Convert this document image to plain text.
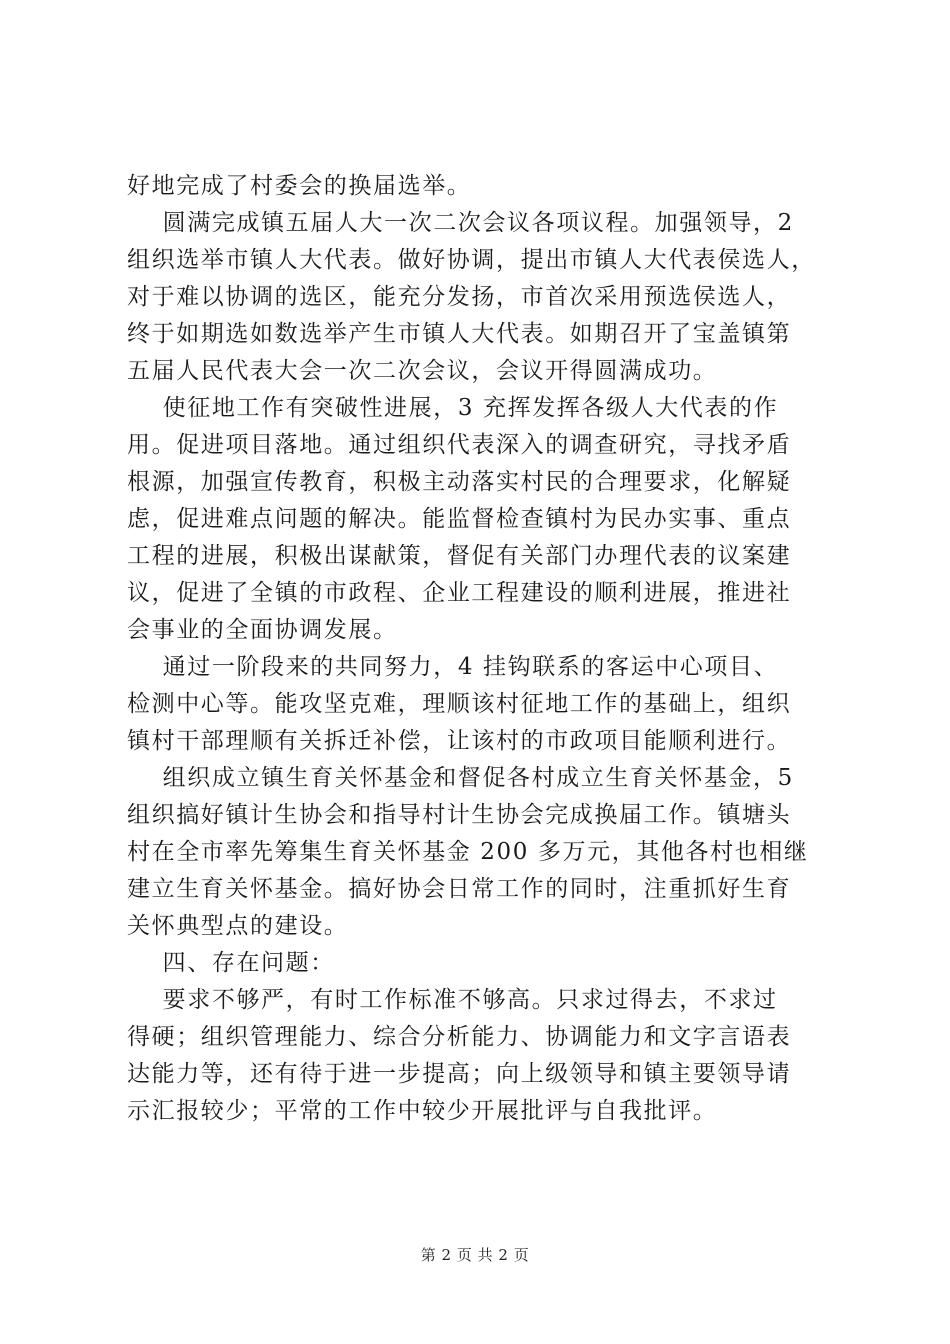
好地完成了村委会的换届选举。
圆满完成镇五届人大一次二次会议各项议程。加强领导，2
组织选举市镇人大代表。做好协调，提出市镇人大代表侯选人，
对于难以协调的选区，能充分发扬，市首次采用预选侯选人，
终于如期选如数选举产生市镇人大代表。如期召开了宝盖镇第
五届人民代表大会一次二次会议，会议开得圆满成功。
使征地工作有突破性进展，3 充挥发挥各级人大代表的作
用。促进项目落地。通过组织代表深入的调查研究，寻找矛盾
根源，加强宣传教育，积极主动落实村民的合理要求，化解疑
虑，促进难点问题的解决。能监督检查镇村为民办实事、重点
工程的进展，积极出谋献策，督促有关部门办理代表的议案建
议，促进了全镇的市政程、企业工程建设的顺利进展，推进社
会事业的全面协调发展。
通过一阶段来的共同努力，4 挂钩联系的客运中心项目、
检测中心等。能攻坚克难，理顺该村征地工作的基础上，组织
镇村干部理顺有关拆迁补偿，让该村的市政项目能顺利进行。
组织成立镇生育关怀基金和督促各村成立生育关怀基金，5
组织搞好镇计生协会和指导村计生协会完成换届工作。镇塘头
村在全市率先筹集生育关怀基金 200 多万元，其他各村也相继
建立生育关怀基金。搞好协会日常工作的同时，注重抓好生育
关怀典型点的建设。
四、存在问题：
要求不够严，有时工作标准不够高。只求过得去，不求过
得硬；组织管理能力、综合分析能力、协调能力和文字言语表
达能力等，还有待于进一步提高；向上级领导和镇主要领导请
示汇报较少；平常的工作中较少开展批评与自我批评。
第 2 页 共 2 页
